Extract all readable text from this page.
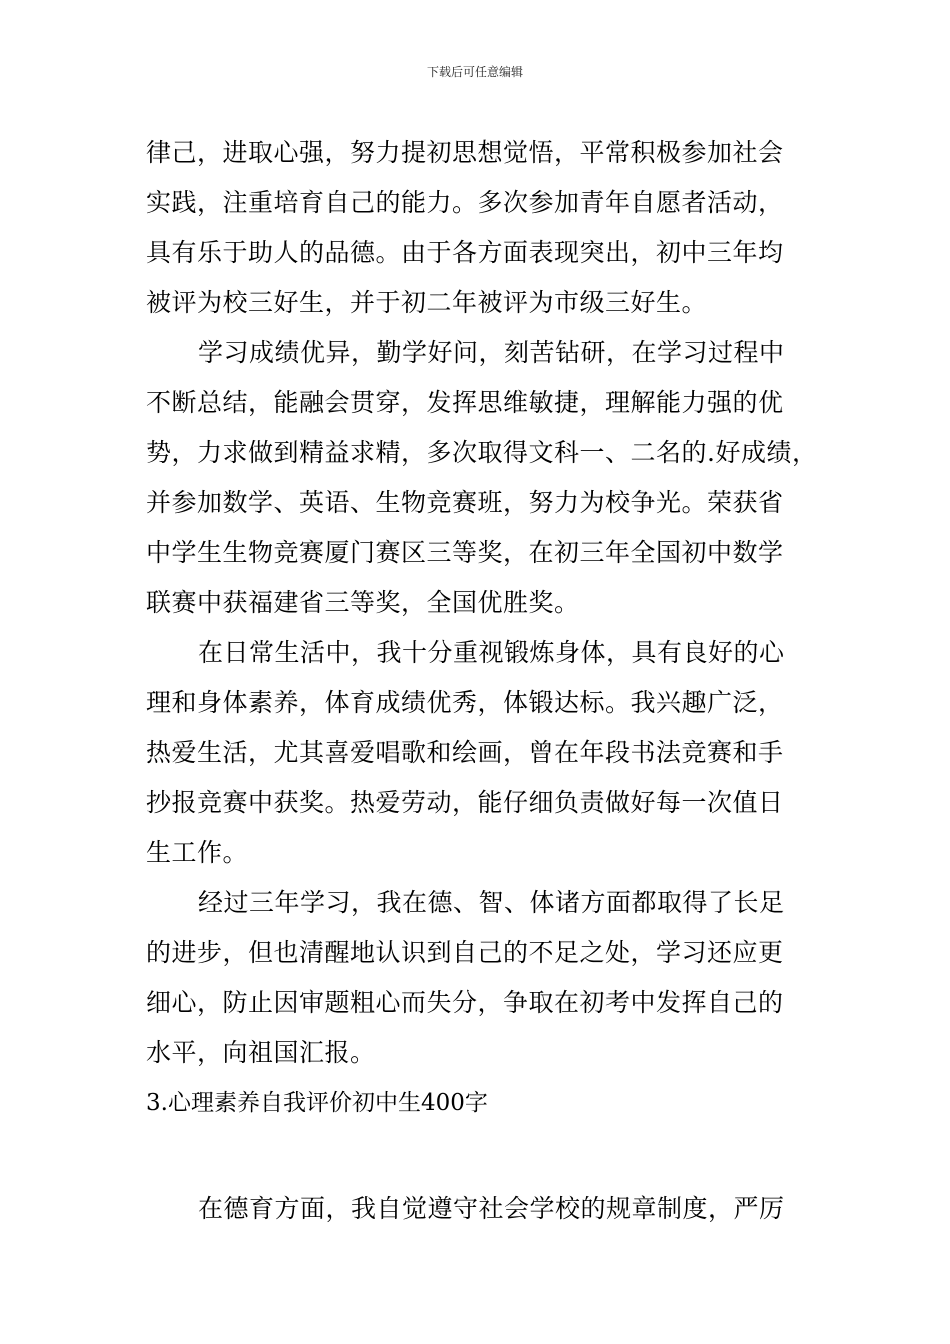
下载后可任意编辑
律己，进取心强，努力提初思想觉悟，平常积极参加社会
实践，注重培育自己的能力。多次参加青年自愿者活动，
具有乐于助人的品德。由于各方面表现突出，初中三年均
被评为校三好生，并于初二年被评为市级三好生。
学习成绩优异，勤学好问，刻苦钻研，在学习过程中
不断总结，能融会贯穿，发挥思维敏捷，理解能力强的优
势，力求做到精益求精，多次取得文科一、二名的.好成绩，
并参加数学、英语、生物竞赛班，努力为校争光。荣获省
中学生生物竞赛厦门赛区三等奖，在初三年全国初中数学
联赛中获福建省三等奖，全国优胜奖。
在日常生活中，我十分重视锻炼身体，具有良好的心
理和身体素养，体育成绩优秀，体锻达标。我兴趣广泛，
热爱生活，尤其喜爱唱歌和绘画，曾在年段书法竞赛和手
抄报竞赛中获奖。热爱劳动，能仔细负责做好每一次值日
生工作。
经过三年学习，我在德、智、体诸方面都取得了长足
的进步，但也清醒地认识到自己的不足之处，学习还应更
细心，防止因审题粗心而失分，争取在初考中发挥自己的
水平，向祖国汇报。
3.心理素养自我评价初中生400字
在德育方面，我自觉遵守社会学校的规章制度，严厉
